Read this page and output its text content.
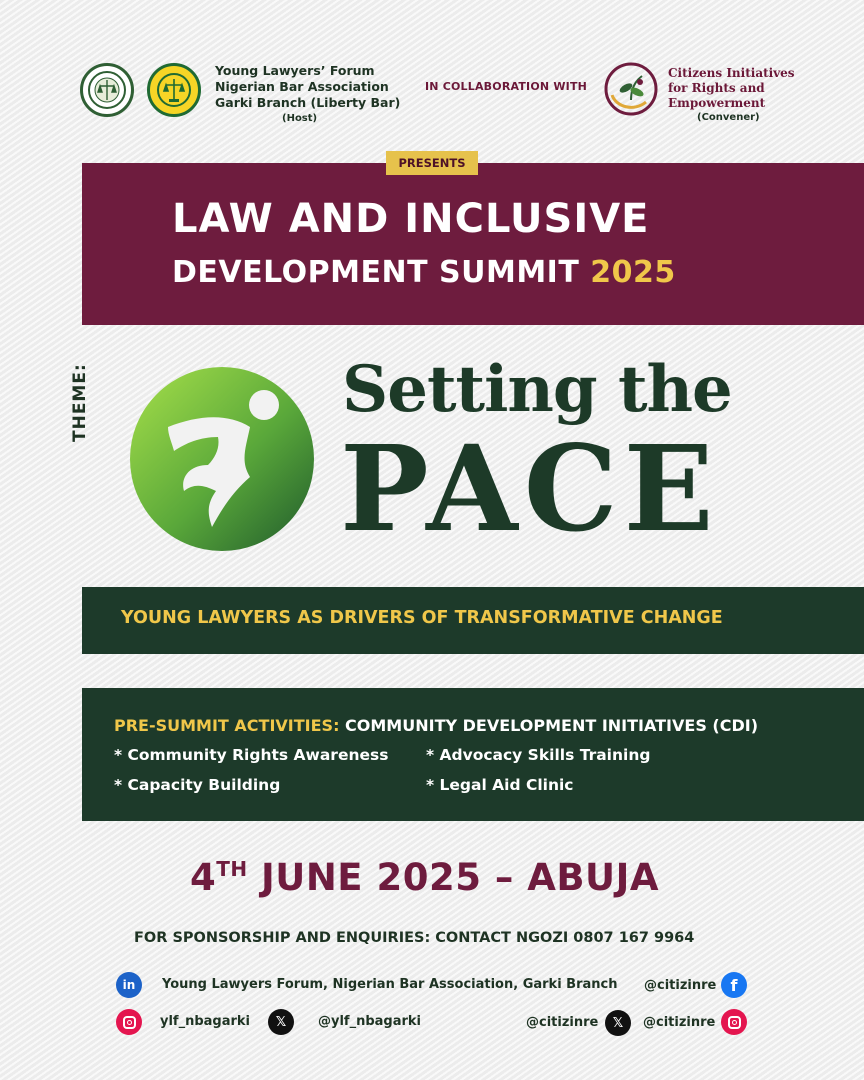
Young Lawyers’ Forum
Nigerian Bar Association
Garki Branch (Liberty Bar)
(Host)
IN COLLABORATION WITH
Citizens Initiatives
for Rights and
Empowerment
(Convener)
PRESENTS
LAW AND INCLUSIVE
DEVELOPMENT SUMMIT 2025
THEME:	Setting the
PACE
YOUNG LAWYERS AS DRIVERS OF TRANSFORMATIVE CHANGE
PRE-SUMMIT ACTIVITIES: COMMUNITY DEVELOPMENT INITIATIVES (CDI)
* Community Rights Awareness * Advocacy Skills Training
* Capacity Building	* Legal Aid Clinic
4TH JUNE 2025 – ABUJA
FOR SPONSORSHIP AND ENQUIRIES: CONTACT NGOZI 0807 167 9964
in	Young Lawyers Forum, Nigerian Bar Association, Garki Branch @citizinre f
ylf_nbagarki	𝕏	@ylf_nbagarki	@citizinre	𝕏	@citizinre
